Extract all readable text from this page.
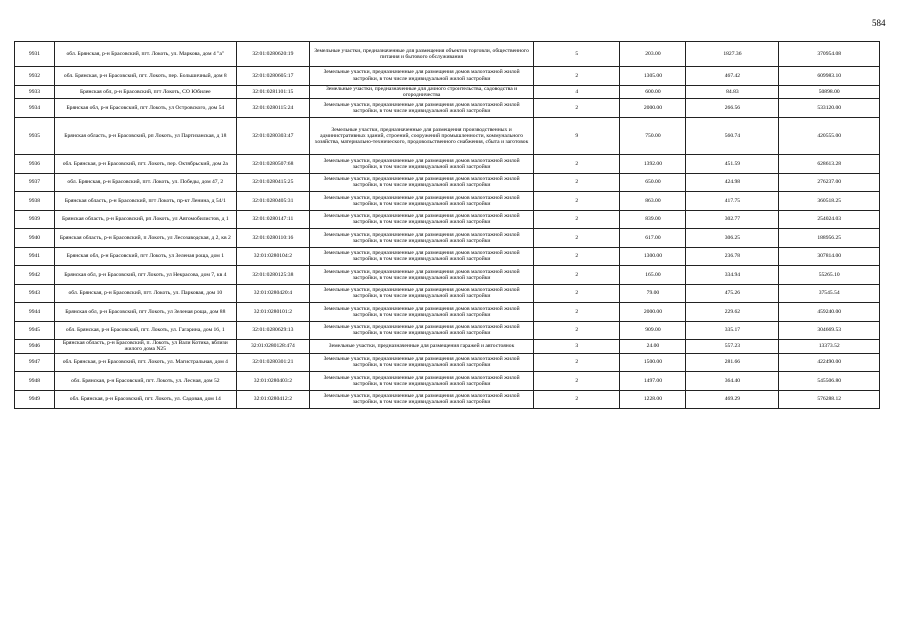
584
9931	обл. Брянская, р-н Брасовский, пгт. Локоть, ул. Маркова, дом 4 "а"	32:01:0280620:19	Земельные участки, предназначенные для размещения объектов торговли, общественного питания и бытового обслуживания	5	203.00	1827.36	370954.08
9932	обл. Брянская, р-н Брасовский, пгт. Локоть, пер. Большичный, дом 8	32:01:0280605:17	Земельные участки, предназначенные для размещения домов малоэтажной жилой застройки, в том числе индивидуальной жилой застройки	2	1305.00	467.42	609983.10
9933	Брянская обл, р-н Брасовский, пгт Локоть, СО Юбилее	32:01:0281101:15	Земельные участки, предназначенные для дачного строительства, садоводства и огородничества	4	600.00	84.83	50898.00
9934	Брянская обл, р-н Брасовский, пгт Локоть, ул Островского, дом 54	32:01:0280115:24	Земельные участки, предназначенные для размещения домов малоэтажной жилой застройки, в том числе индивидуальной жилой застройки	2	2000.00	266.56	533120.00
9935	Брянская область, р-н Брасовский, рп Локоть, ул Партизанская, д 18	32:01:0280303:47	Земельные участки, предназначенные для размещения производственных и административных зданий, строений, сооружений промышленности, коммунального хозяйства, материально-технического, продовольственного снабжения, сбыта и заготовок	9	750.00	560.74	420555.00
9936	обл. Брянская, р-н Брасовский, пгт. Локоть, пер. Октябрьский, дом 2а	32:01:0280507:68	Земельные участки, предназначенные для размещения домов малоэтажной жилой застройки, в том числе индивидуальной жилой застройки	2	1392.00	451.59	628613.28
9937	обл. Брянская, р-н Брасовский, пгт. Локоть, ул. Победы, дом 47, 2	32:01:0280415:25	Земельные участки, предназначенные для размещения домов малоэтажной жилой застройки, в том числе индивидуальной жилой застройки	2	650.00	424.98	276237.00
9938	Брянская область, р-н Брасовский, пгт Локоть, пр-кт Ленина, д 54/1	32:01:0280405:31	Земельные участки, предназначенные для размещения домов малоэтажной жилой застройки, в том числе индивидуальной жилой застройки	2	863.00	417.75	360518.25
9939	Брянская область, р-н Брасовский, рп Локоть, ул Автомобилистов, д 1	32:01:0280147:11	Земельные участки, предназначенные для размещения домов малоэтажной жилой застройки, в том числе индивидуальной жилой застройки	2	839.00	302.77	254024.03
9940	Брянская область, р-н Брасовский, п Локоть, ул Лесозаводская, д 2, кв 2	32:01:0280110:16	Земельные участки, предназначенные для размещения домов малоэтажной жилой застройки, в том числе индивидуальной жилой застройки	2	617.00	306.25	188956.25
9941	Брянская обл, р-н Брасовский, пгт Локоть, ул Зеленая роща, дом 1	32:01:0280104:2	Земельные участки, предназначенные для размещения домов малоэтажной жилой застройки, в том числе индивидуальной жилой застройки	2	1300.00	236.78	307814.00
9942	Брянская обл, р-н Брасовский, пгт Локоть, ул Некрасова, дом 7, кв 4	32:01:0280125:38	Земельные участки, предназначенные для размещения домов малоэтажной жилой застройки, в том числе индивидуальной жилой застройки	2	165.00	334.94	55265.10
9943	обл. Брянская, р-н Брасовский, пгт. Локоть, ул. Парковая, дом 10	32:01:0280420:4	Земельные участки, предназначенные для размещения домов малоэтажной жилой застройки, в том числе индивидуальной жилой застройки	2	79.00	475.26	37545.54
9944	Брянская обл, р-н Брасовский, пгт Локоть, ул Зеленая роща, дом 88	32:01:0280101:2	Земельные участки, предназначенные для размещения домов малоэтажной жилой застройки, в том числе индивидуальной жилой застройки	2	2000.00	229.62	459240.00
9945	обл. Брянская, р-н Брасовский, пгт. Локоть, ул. Гагарина, дом 16, 1	32:01:0280629:13	Земельные участки, предназначенные для размещения домов малоэтажной жилой застройки, в том числе индивидуальной жилой застройки	2	909.00	335.17	304669.53
9946	Брянская область, р-н Брасовский, п. Локоть, ул Вали Котика, вблизи жилого дома N25	32:01:0280128:474	Земельные участки, предназначенные для размещения гаражей и автостоянок	3	24.00	557.23	13373.52
9947	обл. Брянская, р-н Брасовский, пгт. Локоть, ул. Магистральная, дом 4	32:01:0280301:21	Земельные участки, предназначенные для размещения домов малоэтажной жилой застройки, в том числе индивидуальной жилой застройки	2	1500.00	281.66	422490.00
9948	обл. Брянская, р-н Брасовский, пгт. Локоть, ул. Лесная, дом 52	32:01:0280403:2	Земельные участки, предназначенные для размещения домов малоэтажной жилой застройки, в том числе индивидуальной жилой застройки	2	1497.00	364.40	545506.80
9949	обл. Брянская, р-н Брасовский, пгт. Локоть, ул. Садовая, дом 14	32:01:0280412:2	Земельные участки, предназначенные для размещения домов малоэтажной жилой застройки, в том числе индивидуальной жилой застройки	2	1228.00	469.29	576288.12
